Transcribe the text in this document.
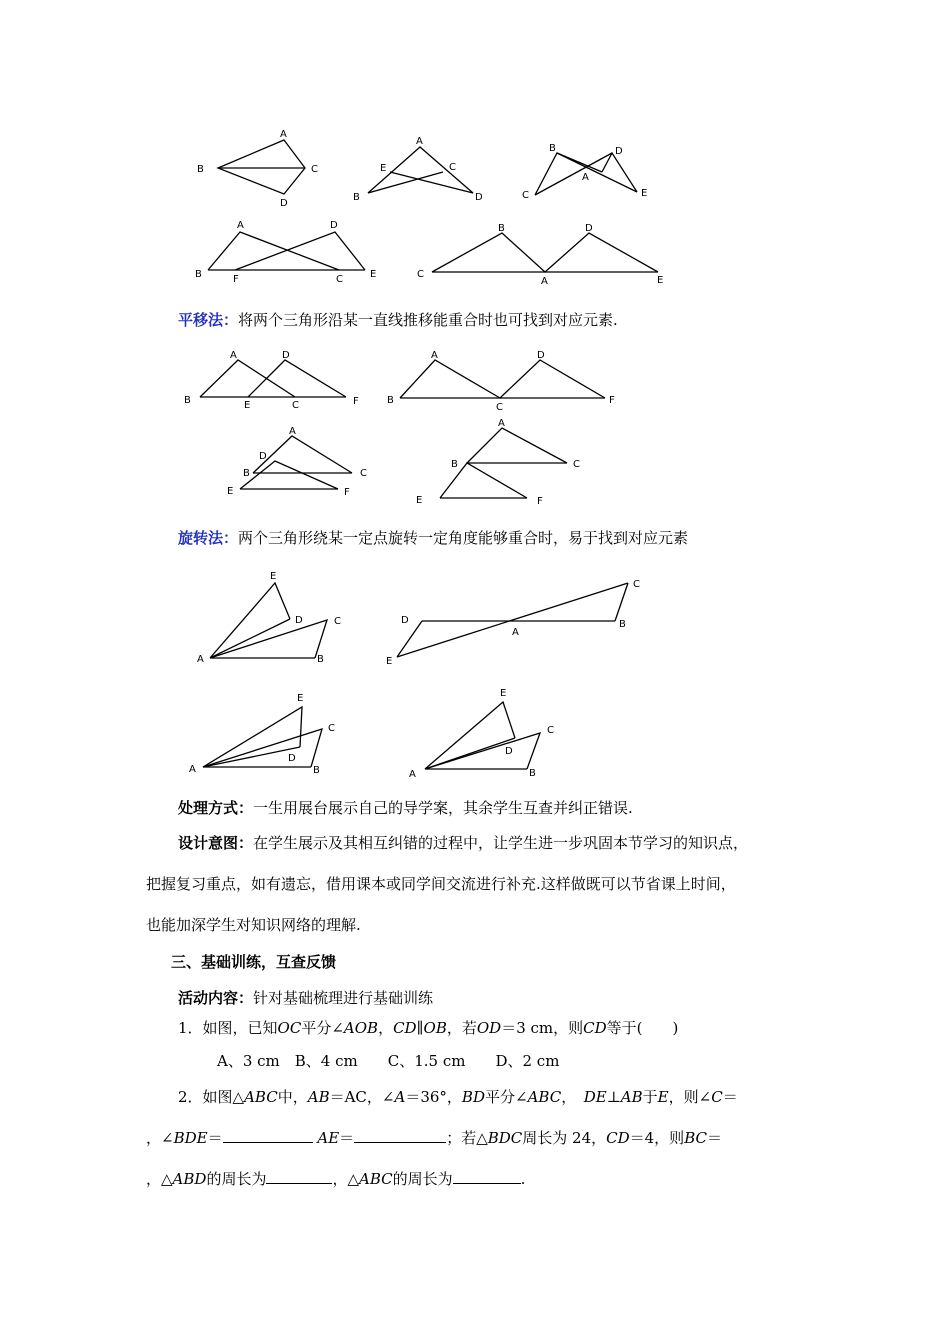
A
B	C
D
A
E	C
B	D
B	D
A
C	E
A	D
B	F	C	E
B	D
C
A	E
平移法：将两个三角形沿某一直线推移能重合时也可找到对应元素.
A	D
B	E	C	F
A	D
B
C
F
A
D
B	C
E	F
A
B	C
E	F
旋转法：两个三角形绕某一定点旋转一定角度能够重合时，易于找到对应元素
E
D	C
A	B
C
D
A
B
E
E
C
D
A	B
E
C
D
A	B
处理方式：一生用展台展示自己的导学案，其余学生互查并纠正错误.
设计意图：在学生展示及其相互纠错的过程中，让学生进一步巩固本节学习的知识点，
把握复习重点，如有遗忘，借用课本或同学间交流进行补充.这样做既可以节省课上时间，
也能加深学生对知识网络的理解.
三、基础训练，互查反馈
活动内容：针对基础梳理进行基础训练
1．如图，已知OC平分∠AOB，CD∥OB，若OD＝3 cm，则CD等于(　　)
A、3 cm　B、4 cm　　C、1.5 cm　　D、2 cm
2．如图△ABC中，AB＝AC，∠A＝36°，BD平分∠ABC，　DE⊥AB于E，则∠C＝
，∠BDE＝	AE＝	；若△BDC周长为 24，CD＝4，则BC＝
，△ABD的周长为	，△ABC的周长为	.
